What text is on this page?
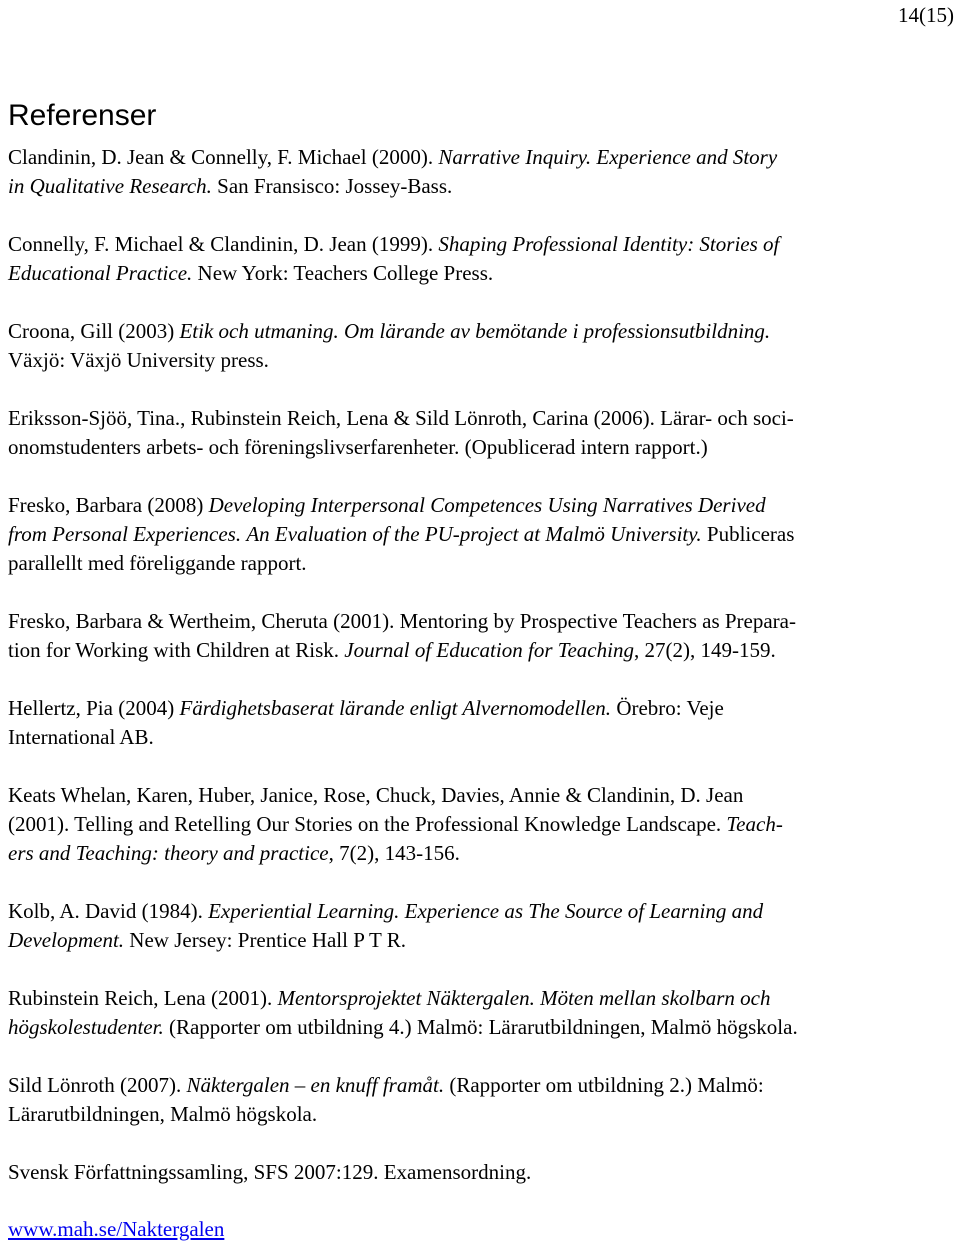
14(15)
Referenser
Clandinin, D. Jean & Connelly, F. Michael (2000). Narrative Inquiry. Experience and Story
in Qualitative Research. San Fransisco: Jossey-Bass.
Connelly, F. Michael & Clandinin, D. Jean (1999). Shaping Professional Identity: Stories of
Educational Practice. New York: Teachers College Press.
Croona, Gill (2003) Etik och utmaning. Om lärande av bemötande i professionsutbildning.
Växjö: Växjö University press.
Eriksson-Sjöö, Tina., Rubinstein Reich, Lena & Sild Lönroth, Carina (2006). Lärar- och soci-
onomstudenters arbets- och föreningslivserfarenheter. (Opublicerad intern rapport.)
Fresko, Barbara (2008) Developing Interpersonal Competences Using Narratives Derived
from Personal Experiences. An Evaluation of the PU-project at Malmö University. Publiceras
parallellt med föreliggande rapport.
Fresko, Barbara & Wertheim, Cheruta (2001). Mentoring by Prospective Teachers as Prepara-
tion for Working with Children at Risk. Journal of Education for Teaching, 27(2), 149-159.
Hellertz, Pia (2004) Färdighetsbaserat lärande enligt Alvernomodellen. Örebro: Veje
International AB.
Keats Whelan, Karen, Huber, Janice, Rose, Chuck, Davies, Annie & Clandinin, D. Jean
(2001). Telling and Retelling Our Stories on the Professional Knowledge Landscape. Teach-
ers and Teaching: theory and practice, 7(2), 143-156.
Kolb, A. David (1984). Experiential Learning. Experience as The Source of Learning and
Development. New Jersey: Prentice Hall P T R.
Rubinstein Reich, Lena (2001). Mentorsprojektet Näktergalen. Möten mellan skolbarn och
högskolestudenter. (Rapporter om utbildning 4.) Malmö: Lärarutbildningen, Malmö högskola.
Sild Lönroth (2007). Näktergalen – en knuff framåt. (Rapporter om utbildning 2.) Malmö:
Lärarutbildningen, Malmö högskola.
Svensk Författningssamling, SFS 2007:129. Examensordning.
www.mah.se/Naktergalen
